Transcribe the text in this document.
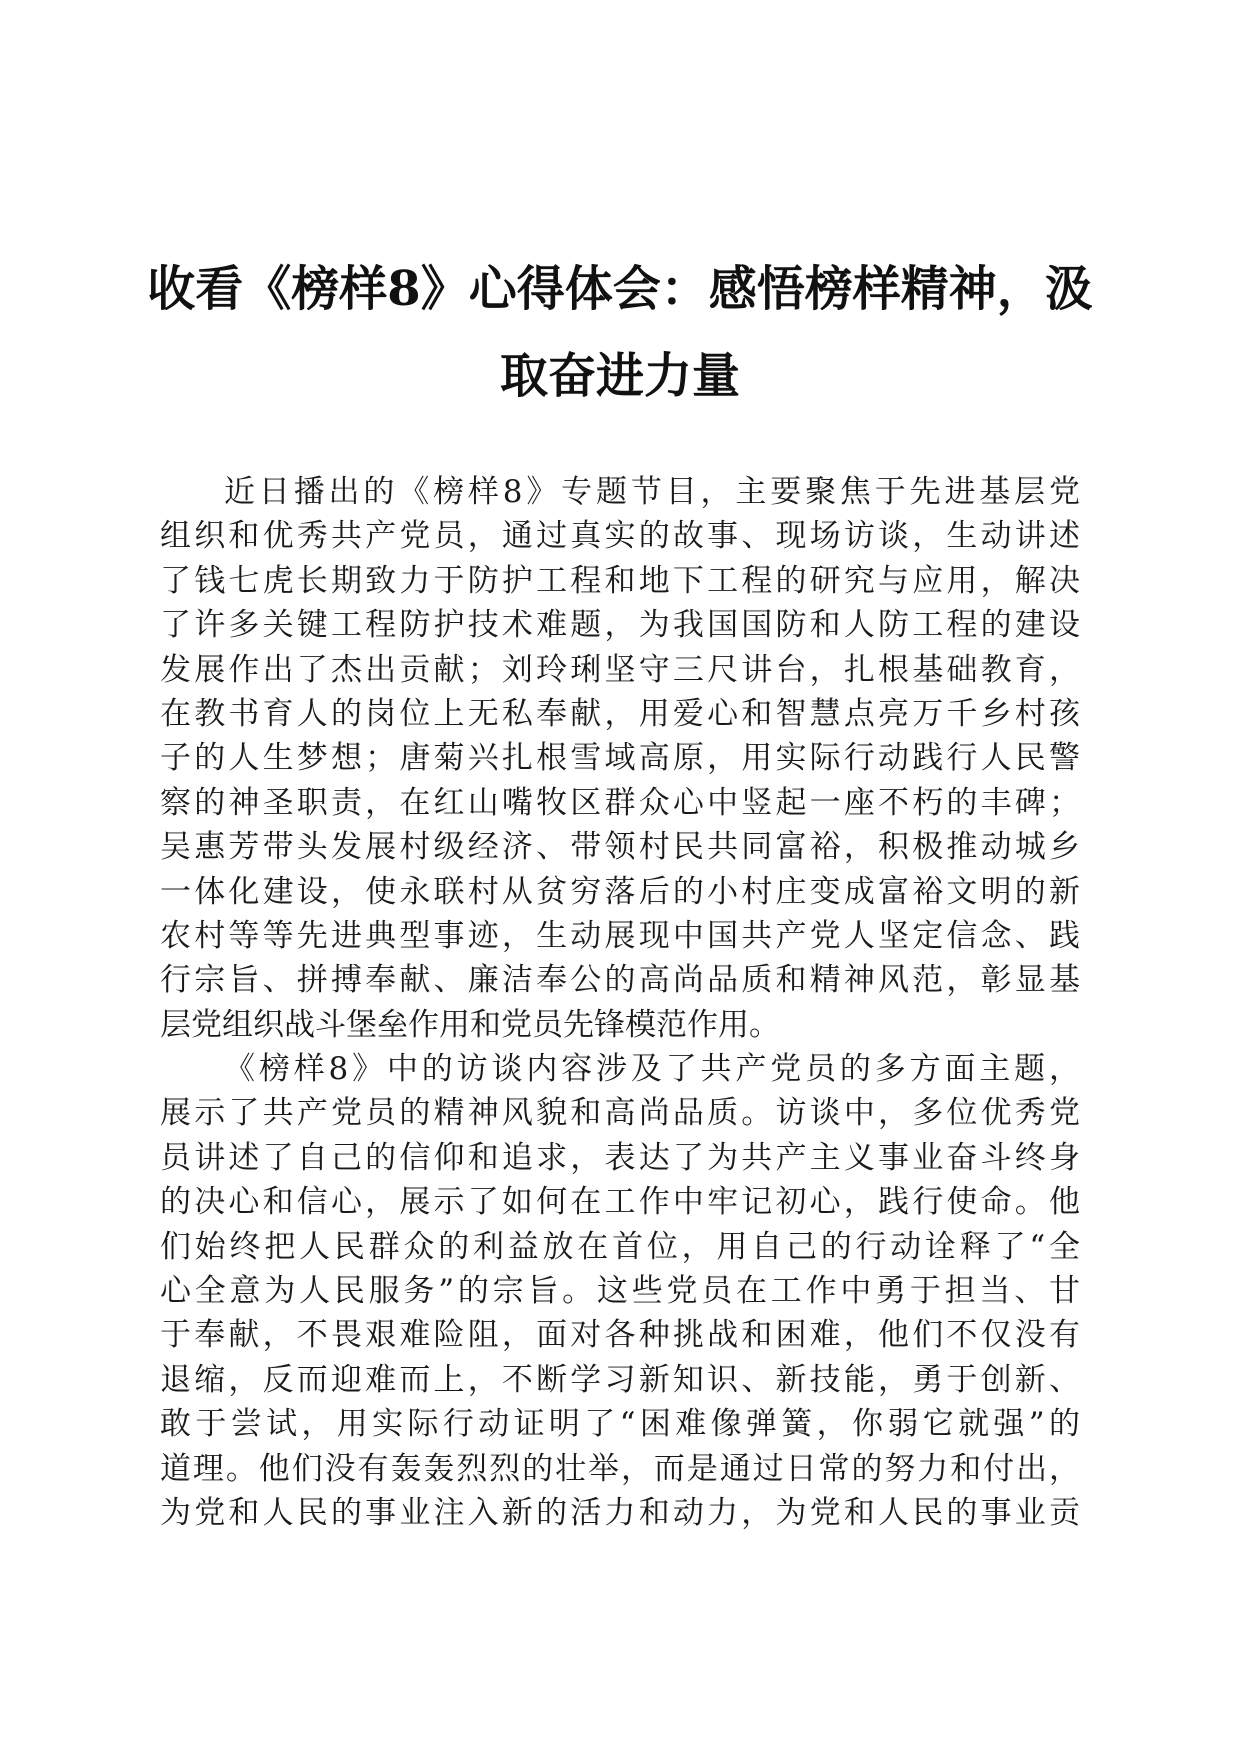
收看《榜样8》心得体会：感悟榜样精神，汲
取奋进力量
近日播出的《榜样8》专题节目，主要聚焦于先进基层党
组织和优秀共产党员，通过真实的故事、现场访谈，生动讲述
了钱七虎长期致力于防护工程和地下工程的研究与应用，解决
了许多关键工程防护技术难题，为我国国防和人防工程的建设
发展作出了杰出贡献；刘玲琍坚守三尺讲台，扎根基础教育，
在教书育人的岗位上无私奉献，用爱心和智慧点亮万千乡村孩
子的人生梦想；唐菊兴扎根雪域高原，用实际行动践行人民警
察的神圣职责，在红山嘴牧区群众心中竖起一座不朽的丰碑；
吴惠芳带头发展村级经济、带领村民共同富裕，积极推动城乡
一体化建设，使永联村从贫穷落后的小村庄变成富裕文明的新
农村等等先进典型事迹，生动展现中国共产党人坚定信念、践
行宗旨、拼搏奉献、廉洁奉公的高尚品质和精神风范，彰显基
层党组织战斗堡垒作用和党员先锋模范作用。
《榜样8》中的访谈内容涉及了共产党员的多方面主题，
展示了共产党员的精神风貌和高尚品质。访谈中，多位优秀党
员讲述了自己的信仰和追求，表达了为共产主义事业奋斗终身
的决心和信心，展示了如何在工作中牢记初心，践行使命。他
们始终把人民群众的利益放在首位，用自己的行动诠释了“全
心全意为人民服务”的宗旨。这些党员在工作中勇于担当、甘
于奉献，不畏艰难险阻，面对各种挑战和困难，他们不仅没有
退缩，反而迎难而上，不断学习新知识、新技能，勇于创新、
敢于尝试，用实际行动证明了“困难像弹簧，你弱它就强”的
道理。他们没有轰轰烈烈的壮举，而是通过日常的努力和付出，
为党和人民的事业注入新的活力和动力，为党和人民的事业贡
